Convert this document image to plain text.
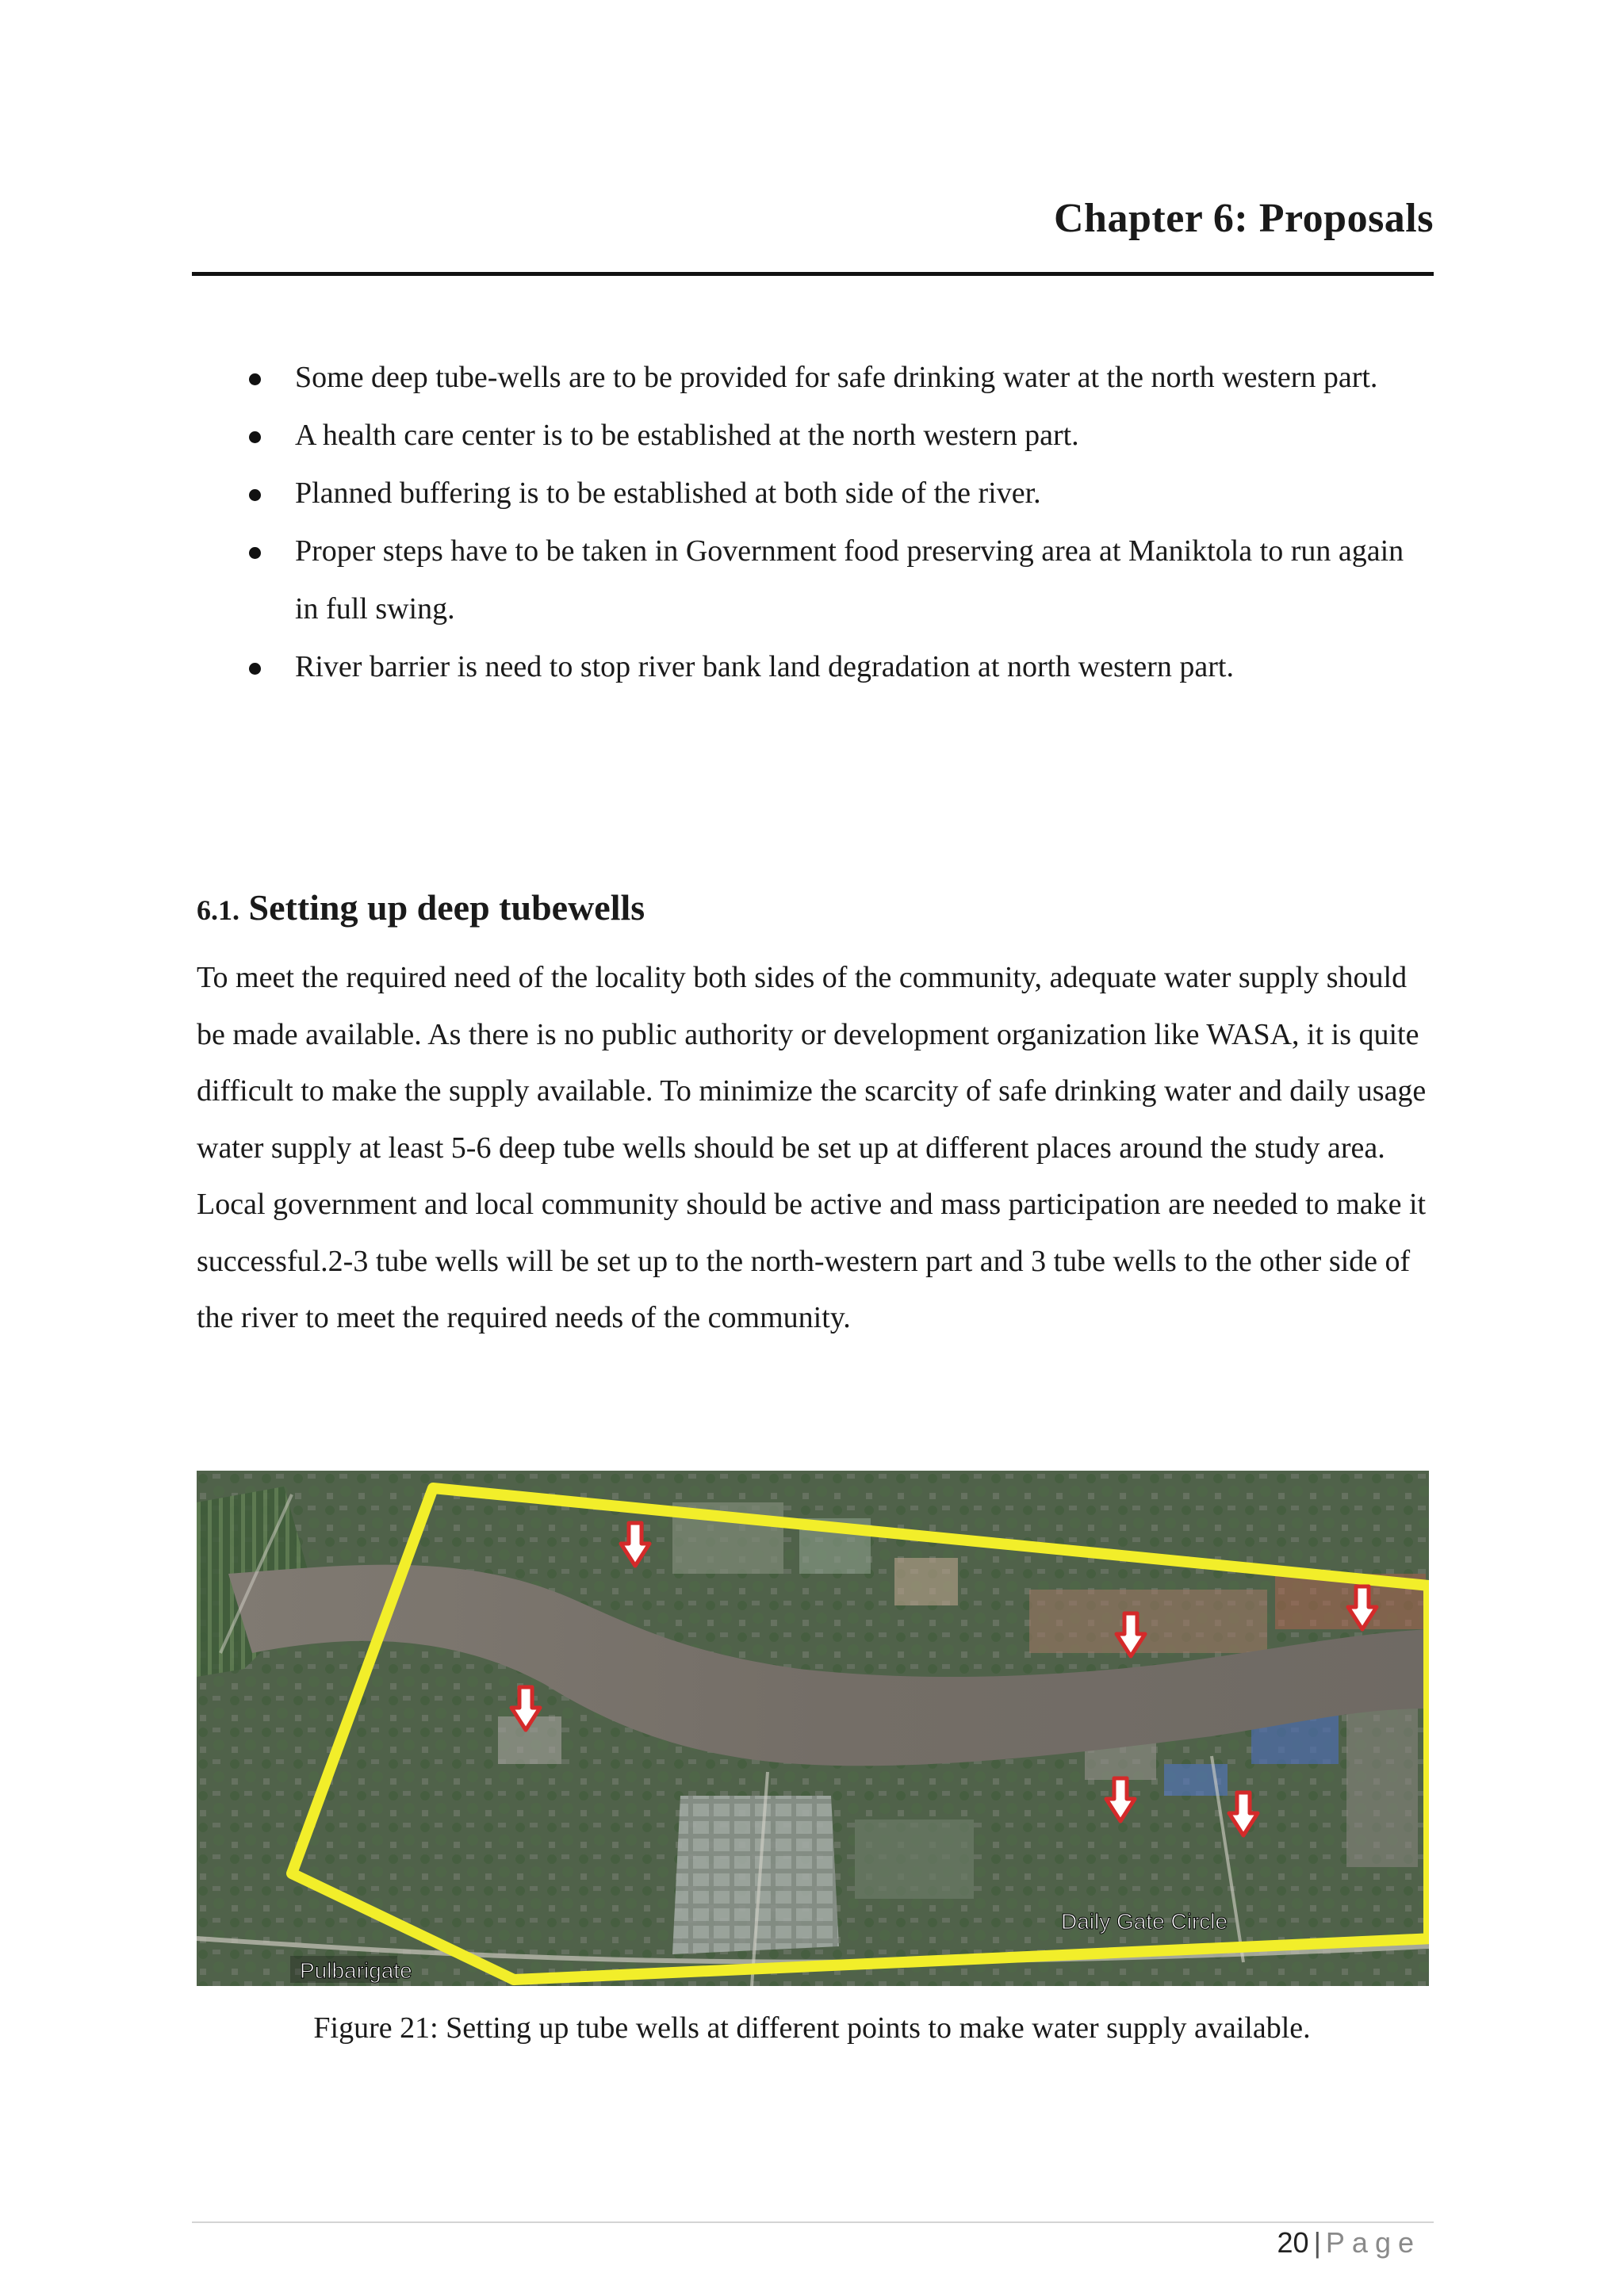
Chapter 6: Proposals
Some deep tube-wells are to be provided for safe drinking water at the north western part.
A health care center is to be established at the north western part.
Planned buffering is to be established at both side of the river.
Proper steps have to be taken in Government food preserving area at Maniktola to run again in full swing.
River barrier is need to stop river bank land degradation at north western part.
6.1. Setting up deep tubewells

To meet the required need of the locality both sides of the community, adequate water supply should be made available. As there is no public authority or development organization like WASA, it is quite difficult to make the supply available. To minimize the scarcity of safe drinking water and daily usage water supply at least 5-6 deep tube wells should be set up at different places around the study area. Local government and local community should be active and mass participation are needed to make it successful.2-3 tube wells will be set up to the north-western part and 3 tube wells to the other side of the river to meet the required needs of the community.

Pulbarigate
Daily Gate Circle

Figure 21: Setting up tube wells at different points to make water supply available.

20 | Page
